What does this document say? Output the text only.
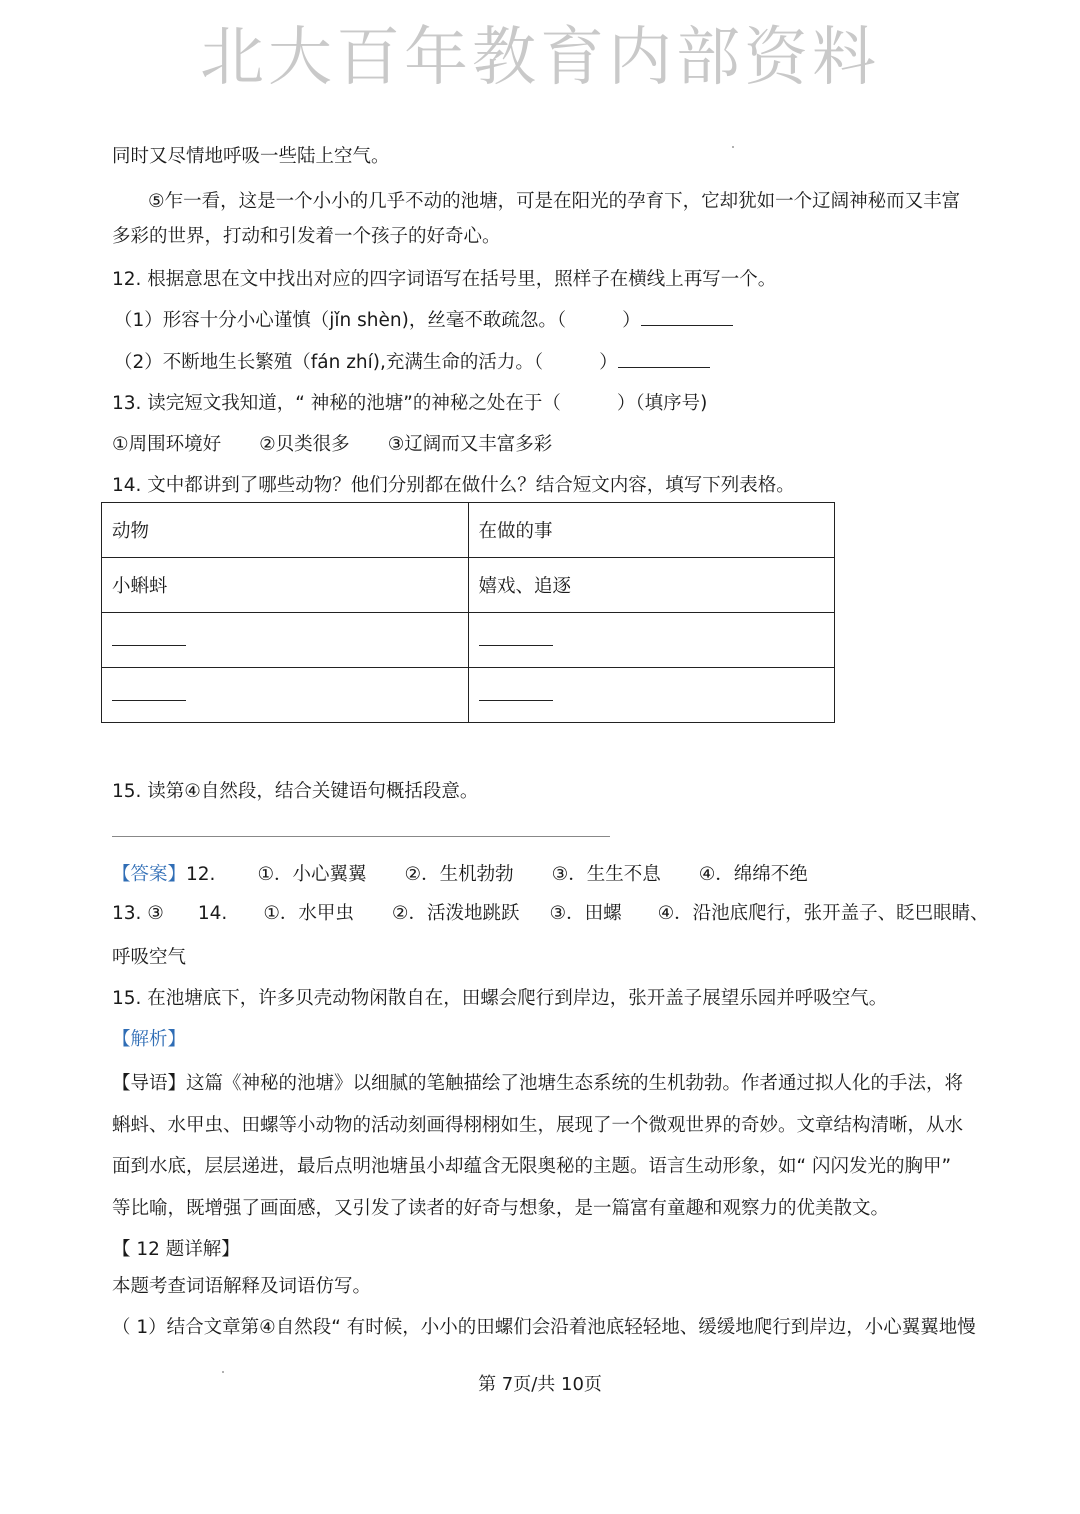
北大百年教育内部资料
同时又尽情地呼吸一些陆上空气。
⑤乍一看，这是一个小小的几乎不动的池塘，可是在阳光的孕育下，它却犹如一个辽阔神秘而又丰富
多彩的世界，打动和引发着一个孩子的好奇心。
12. 根据意思在文中找出对应的四字词语写在括号里，照样子在横线上再写一个。
（1）形容十分小心谨慎（jǐn shèn)，丝毫不敢疏忽。（	）
（2）不断地生长繁殖（fán zhí),充满生命的活力。（	）
13. 读完短文我知道，“ 神秘的池塘”的神秘之处在于（	）（填序号)
①周围环境好 ②贝类很多 ③辽阔而又丰富多彩
14. 文中都讲到了哪些动物？他们分别都在做什么？结合短文内容，填写下列表格。
动物	在做的事
小蝌蚪	嬉戏、追逐

15. 读第④自然段，结合关键语句概括段意。
【答案】12. ①．小心翼翼 ②．生机勃勃 ③．生生不息 ④．绵绵不绝
13. ③ 14. ①．水甲虫 ②．活泼地跳跃 ③．田螺 ④．沿池底爬行，张开盖子、眨巴眼睛、
呼吸空气
15. 在池塘底下，许多贝壳动物闲散自在，田螺会爬行到岸边，张开盖子展望乐园并呼吸空气。
【解析】
【导语】这篇《神秘的池塘》以细腻的笔触描绘了池塘生态系统的生机勃勃。作者通过拟人化的手法，将
蝌蚪、水甲虫、田螺等小动物的活动刻画得栩栩如生，展现了一个微观世界的奇妙。文章结构清晰，从水
面到水底，层层递进，最后点明池塘虽小却蕴含无限奥秘的主题。语言生动形象，如“ 闪闪发光的胸甲”
等比喻，既增强了画面感，又引发了读者的好奇与想象，是一篇富有童趣和观察力的优美散文。
【 12 题详解】
本题考查词语解释及词语仿写。
（ 1）结合文章第④自然段“ 有时候，小小的田螺们会沿着池底轻轻地、缓缓地爬行到岸边，小心翼翼地慢
第 7页/共 10页
